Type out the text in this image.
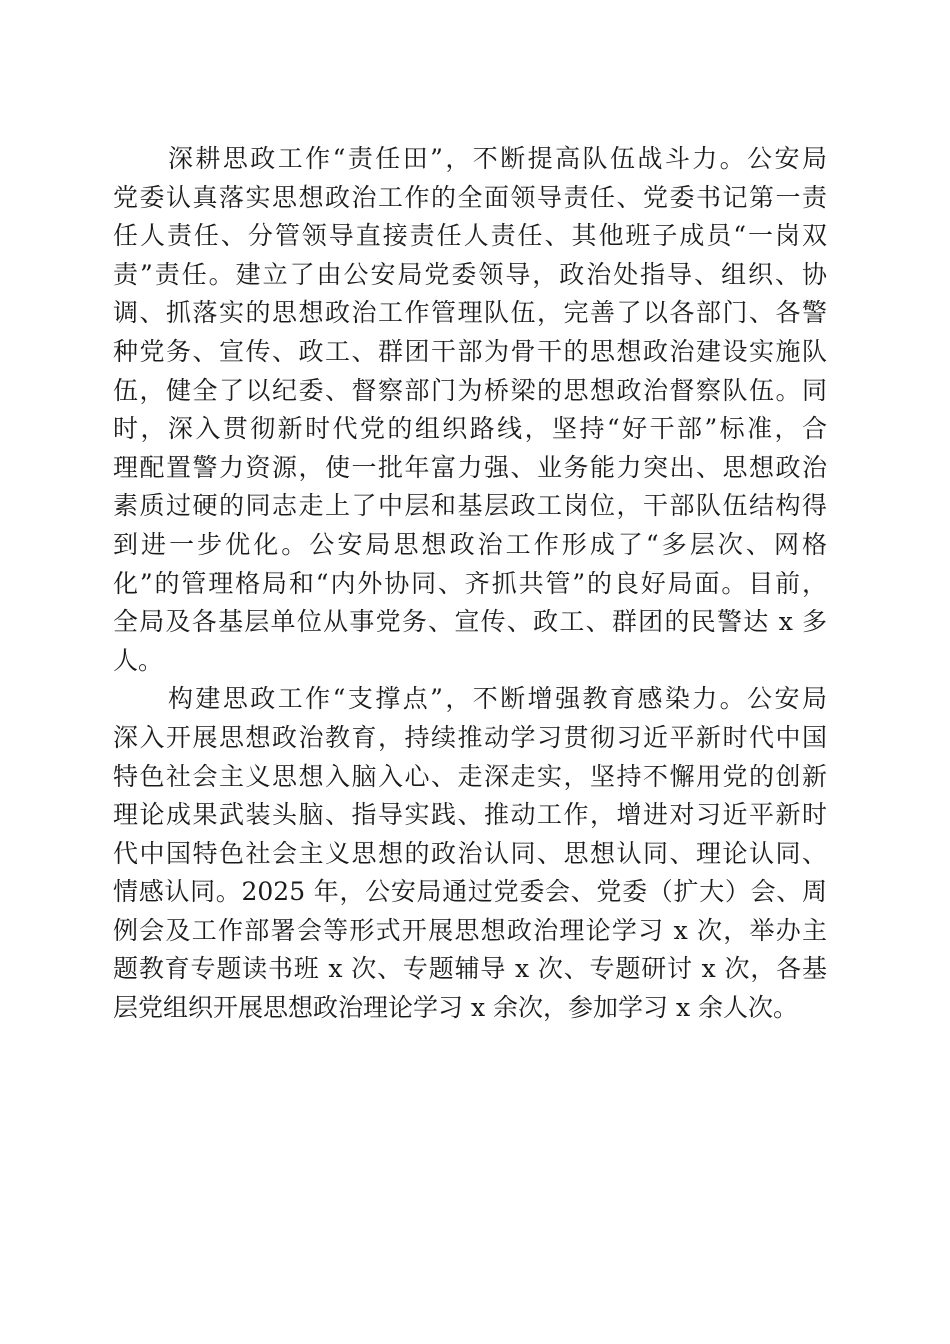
深耕思政工作“责任田”，不断提高队伍战斗力。公安局
党委认真落实思想政治工作的全面领导责任、党委书记第一责
任人责任、分管领导直接责任人责任、其他班子成员“一岗双
责”责任。建立了由公安局党委领导，政治处指导、组织、协
调、抓落实的思想政治工作管理队伍，完善了以各部门、各警
种党务、宣传、政工、群团干部为骨干的思想政治建设实施队
伍，健全了以纪委、督察部门为桥梁的思想政治督察队伍。同
时，深入贯彻新时代党的组织路线，坚持“好干部”标准，合
理配置警力资源，使一批年富力强、业务能力突出、思想政治
素质过硬的同志走上了中层和基层政工岗位，干部队伍结构得
到进一步优化。公安局思想政治工作形成了“多层次、网格
化”的管理格局和“内外协同、齐抓共管”的良好局面。目前，
全局及各基层单位从事党务、宣传、政工、群团的民警达 x 多
人。
构建思政工作“支撑点”，不断增强教育感染力。公安局
深入开展思想政治教育，持续推动学习贯彻习近平新时代中国
特色社会主义思想入脑入心、走深走实，坚持不懈用党的创新
理论成果武装头脑、指导实践、推动工作，增进对习近平新时
代中国特色社会主义思想的政治认同、思想认同、理论认同、
情感认同。2025 年，公安局通过党委会、党委（扩大）会、周
例会及工作部署会等形式开展思想政治理论学习 x 次，举办主
题教育专题读书班 x 次、专题辅导 x 次、专题研讨 x 次，各基
层党组织开展思想政治理论学习 x 余次，参加学习 x 余人次。
